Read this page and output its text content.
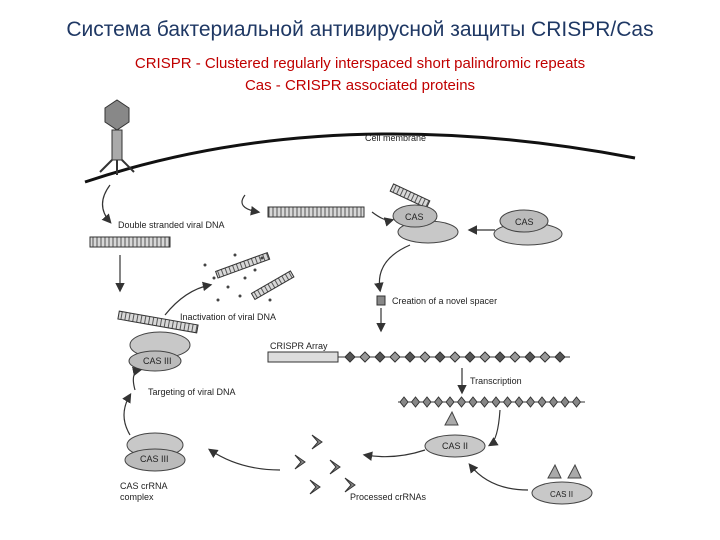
Система бактериальной антивирусной защиты CRISPR/Cas
CRISPR - Clustered regularly interspaced short palindromic repeats
Cas - CRISPR associated proteins
Cell membrane
Double stranded viral DNA
CAS	CAS
Creation of a novel spacer
Inactivation of viral DNA
CAS III
CRISPR Array
Transcription
Targeting of viral DNA
CAS II
Processed crRNAs
CAS III
CAS crRNA
complex	CAS II
